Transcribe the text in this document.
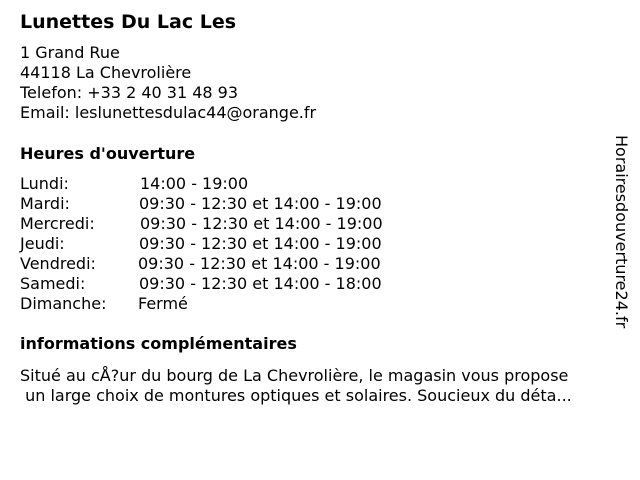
Lunettes Du Lac Les
1 Grand Rue
44118 La Chevrolière
Telefon: +33 2 40 31 48 93
Email: leslunettesdulac44@orange.fr
Heures d'ouverture
Lundi:	14:00 - 19:00
Mardi:	09:30 - 12:30 et 14:00 - 19:00
Mercredi:	09:30 - 12:30 et 14:00 - 19:00
Jeudi:	09:30 - 12:30 et 14:00 - 19:00
Vendredi:	09:30 - 12:30 et 14:00 - 19:00
Samedi:	09:30 - 12:30 et 14:00 - 18:00
Dimanche: Fermé
informations complémentaires
Situé au cÅ?ur du bourg de La Chevrolière, le magasin vous propose
un large choix de montures optiques et solaires. Soucieux du déta...
Horairesdouverture24.fr
